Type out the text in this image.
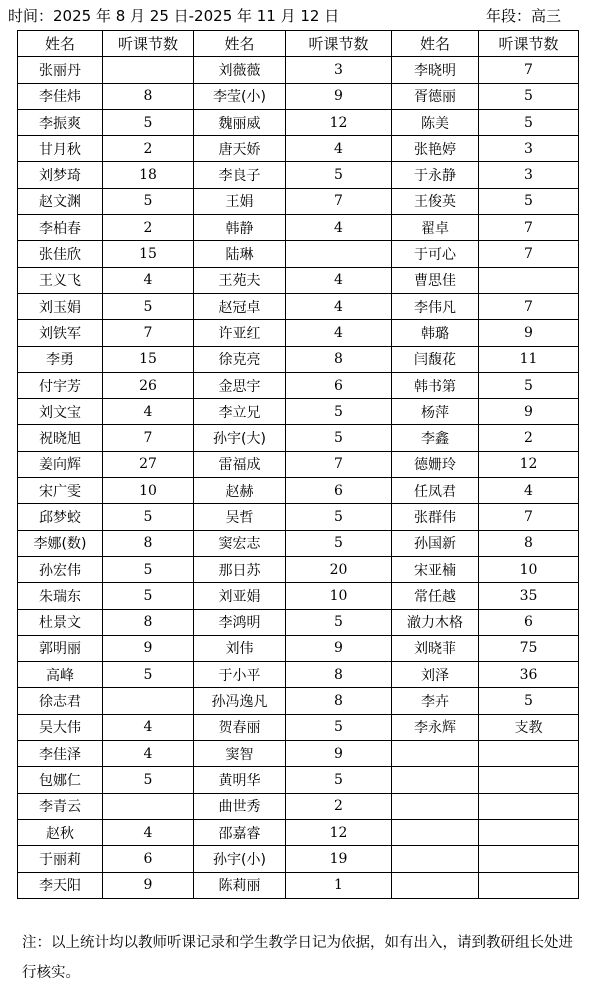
时间：2025 年 8 月 25 日-2025 年 11 月 12 日	年段：高三
姓名	听课节数	姓名	听课节数	姓名	听课节数
张丽丹		刘薇薇	3	李晓明	7
李佳炜	8	李莹(小)	9	胥德丽	5
李振爽	5	魏丽威	12	陈美	5
甘月秋	2	唐天娇	4	张艳婷	3
刘梦琦	18	李良子	5	于永静	3
赵文渊	5	王娟	7	王俊英	5
李柏春	2	韩静	4	翟卓	7
张佳欣	15	陆琳		于可心	7
王义飞	4	王苑夫	4	曹思佳	
刘玉娟	5	赵冠卓	4	李伟凡	7
刘铁军	7	许亚红	4	韩璐	9
李勇	15	徐克亮	8	闫馥花	11
付宇芳	26	金思宇	6	韩书第	5
刘文宝	4	李立兄	5	杨萍	9
祝晓旭	7	孙宇(大)	5	李鑫	2
姜向辉	27	雷福成	7	德姗玲	12
宋广雯	10	赵赫	6	任凤君	4
邱梦蛟	5	吴哲	5	张群伟	7
李娜(数)	8	窦宏志	5	孙国新	8
孙宏伟	5	那日苏	20	宋亚楠	10
朱瑞东	5	刘亚娟	10	常任越	35
杜景文	8	李鸿明	5	澈力木格	6
郭明丽	9	刘伟	9	刘晓菲	75
高峰	5	于小平	8	刘泽	36
徐志君		孙冯逸凡	8	李卉	5
吴大伟	4	贺春丽	5	李永辉	支教
李佳泽	4	窦智	9		
包娜仁	5	黄明华	5		
李青云		曲世秀	2		
赵秋	4	邵嘉睿	12		
于丽莉	6	孙宇(小)	19		
李天阳	9	陈莉丽	1		
注：以上统计均以教师听课记录和学生教学日记为依据，如有出入，请到教研组长处进行核实。
